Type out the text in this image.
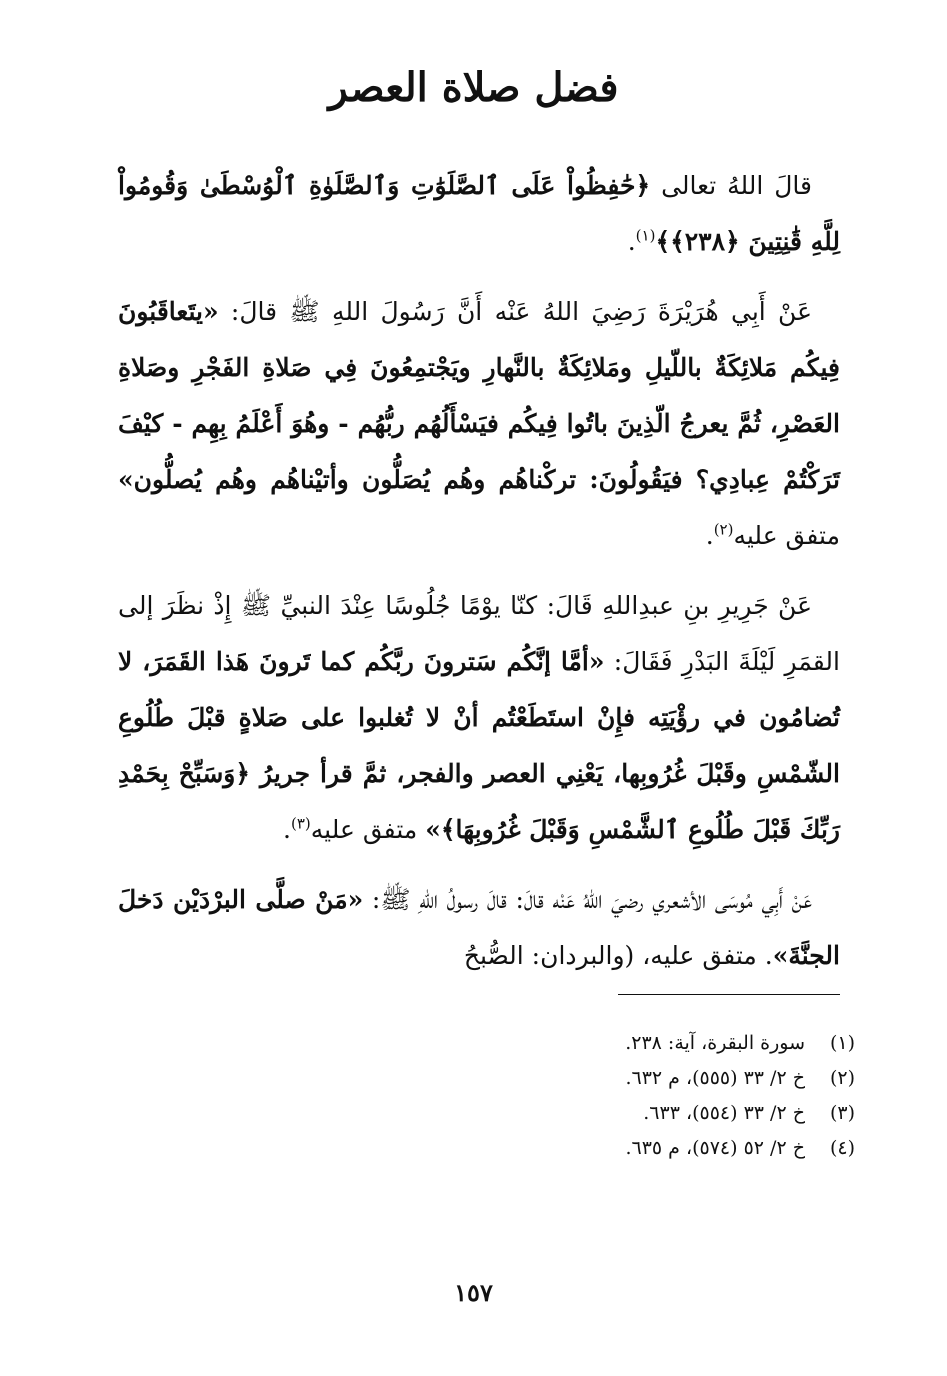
فضل صلاة العصر

قالَ اللهُ تعالى ﴿حَٰفِظُواْ عَلَى ٱلصَّلَوَٰتِ وَٱلصَّلَوٰةِ ٱلْوُسْطَىٰ وَقُومُواْ لِلَّهِ قَٰنِتِينَ ﴿٢٣٨﴾﴾$^{(١)}$.

عَنْ أَبِي هُرَيْرَةَ رَضِيَ اللهُ عَنْه أَنَّ رَسُولَ اللهِ ﷺ قالَ: «يتَعاقَبُونَ فِيكُم مَلائِكَةٌ باللّيلِ ومَلائِكَةٌ بالنَّهارِ ويَجْتمِعُونَ فِي صَلاةِ الفَجْرِ وصَلاةِ العَصْرِ، ثُمَّ يعرجُ الّذِينَ باتُوا فِيكُم فيَسْأَلُهُم ربُّهُم - وهُوَ أَعْلَمُ بِهِم - كيْفَ تَرَكْتُمْ عِبادِي؟ فيَقُولُونَ: تركْناهُم وهُم يُصَلُّون وأتيْناهُم وهُم يُصلُّون» متفق عليه$^{(٢)}$.

عَنْ جَرِيرِ بنِ عبدِاللهِ قَالَ: كنّا يوْمًا جُلُوسًا عِنْدَ النبيِّ ﷺ إِذْ نظَرَ إلى القمَرِ لَيْلَةَ البَدْرِ فَقَالَ: «أمَّا إنَّكُم سَترونَ ربَّكُم كما تَرونَ هَذا القَمَرَ، لا تُضامُون في رؤْيَتِه فإِنْ استَطَعْتُم أنْ لا تُغلبوا على صَلاةٍ قبْلَ طُلُوعِ الشّمْسِ وقَبْلَ غُرُوبِها، يَعْنِي العصر والفجر، ثمَّ قرأ جريرُ ﴿وَسَبِّحْ بِحَمْدِ رَبِّكَ قَبْلَ طُلُوعِ ٱلشَّمْسِ وَقَبْلَ غُرُوبِهَا﴾» متفق عليه$^{(٣)}$.

عَنْ أَبِي مُوسَى الأشعري رضيَ اللهُ عَنْه قالَ: قالَ رسولُ اللهِ ﷺ: «مَنْ صلَّى البرْدَيْن دَخلَ الجنَّةَ». متفق عليه، (والبردان: الصُّبحُ

(١)
سورة البقرة، آية: ٢٣٨.
(٢)
خ ٢/ ٣٣ (٥٥٥)، م ٦٣٢.
(٣)
خ ٢/ ٣٣ (٥٥٤)، ٦٣٣.
(٤)
خ ٢/ ٥٢ (٥٧٤)، م ٦٣٥.
١٥٧
